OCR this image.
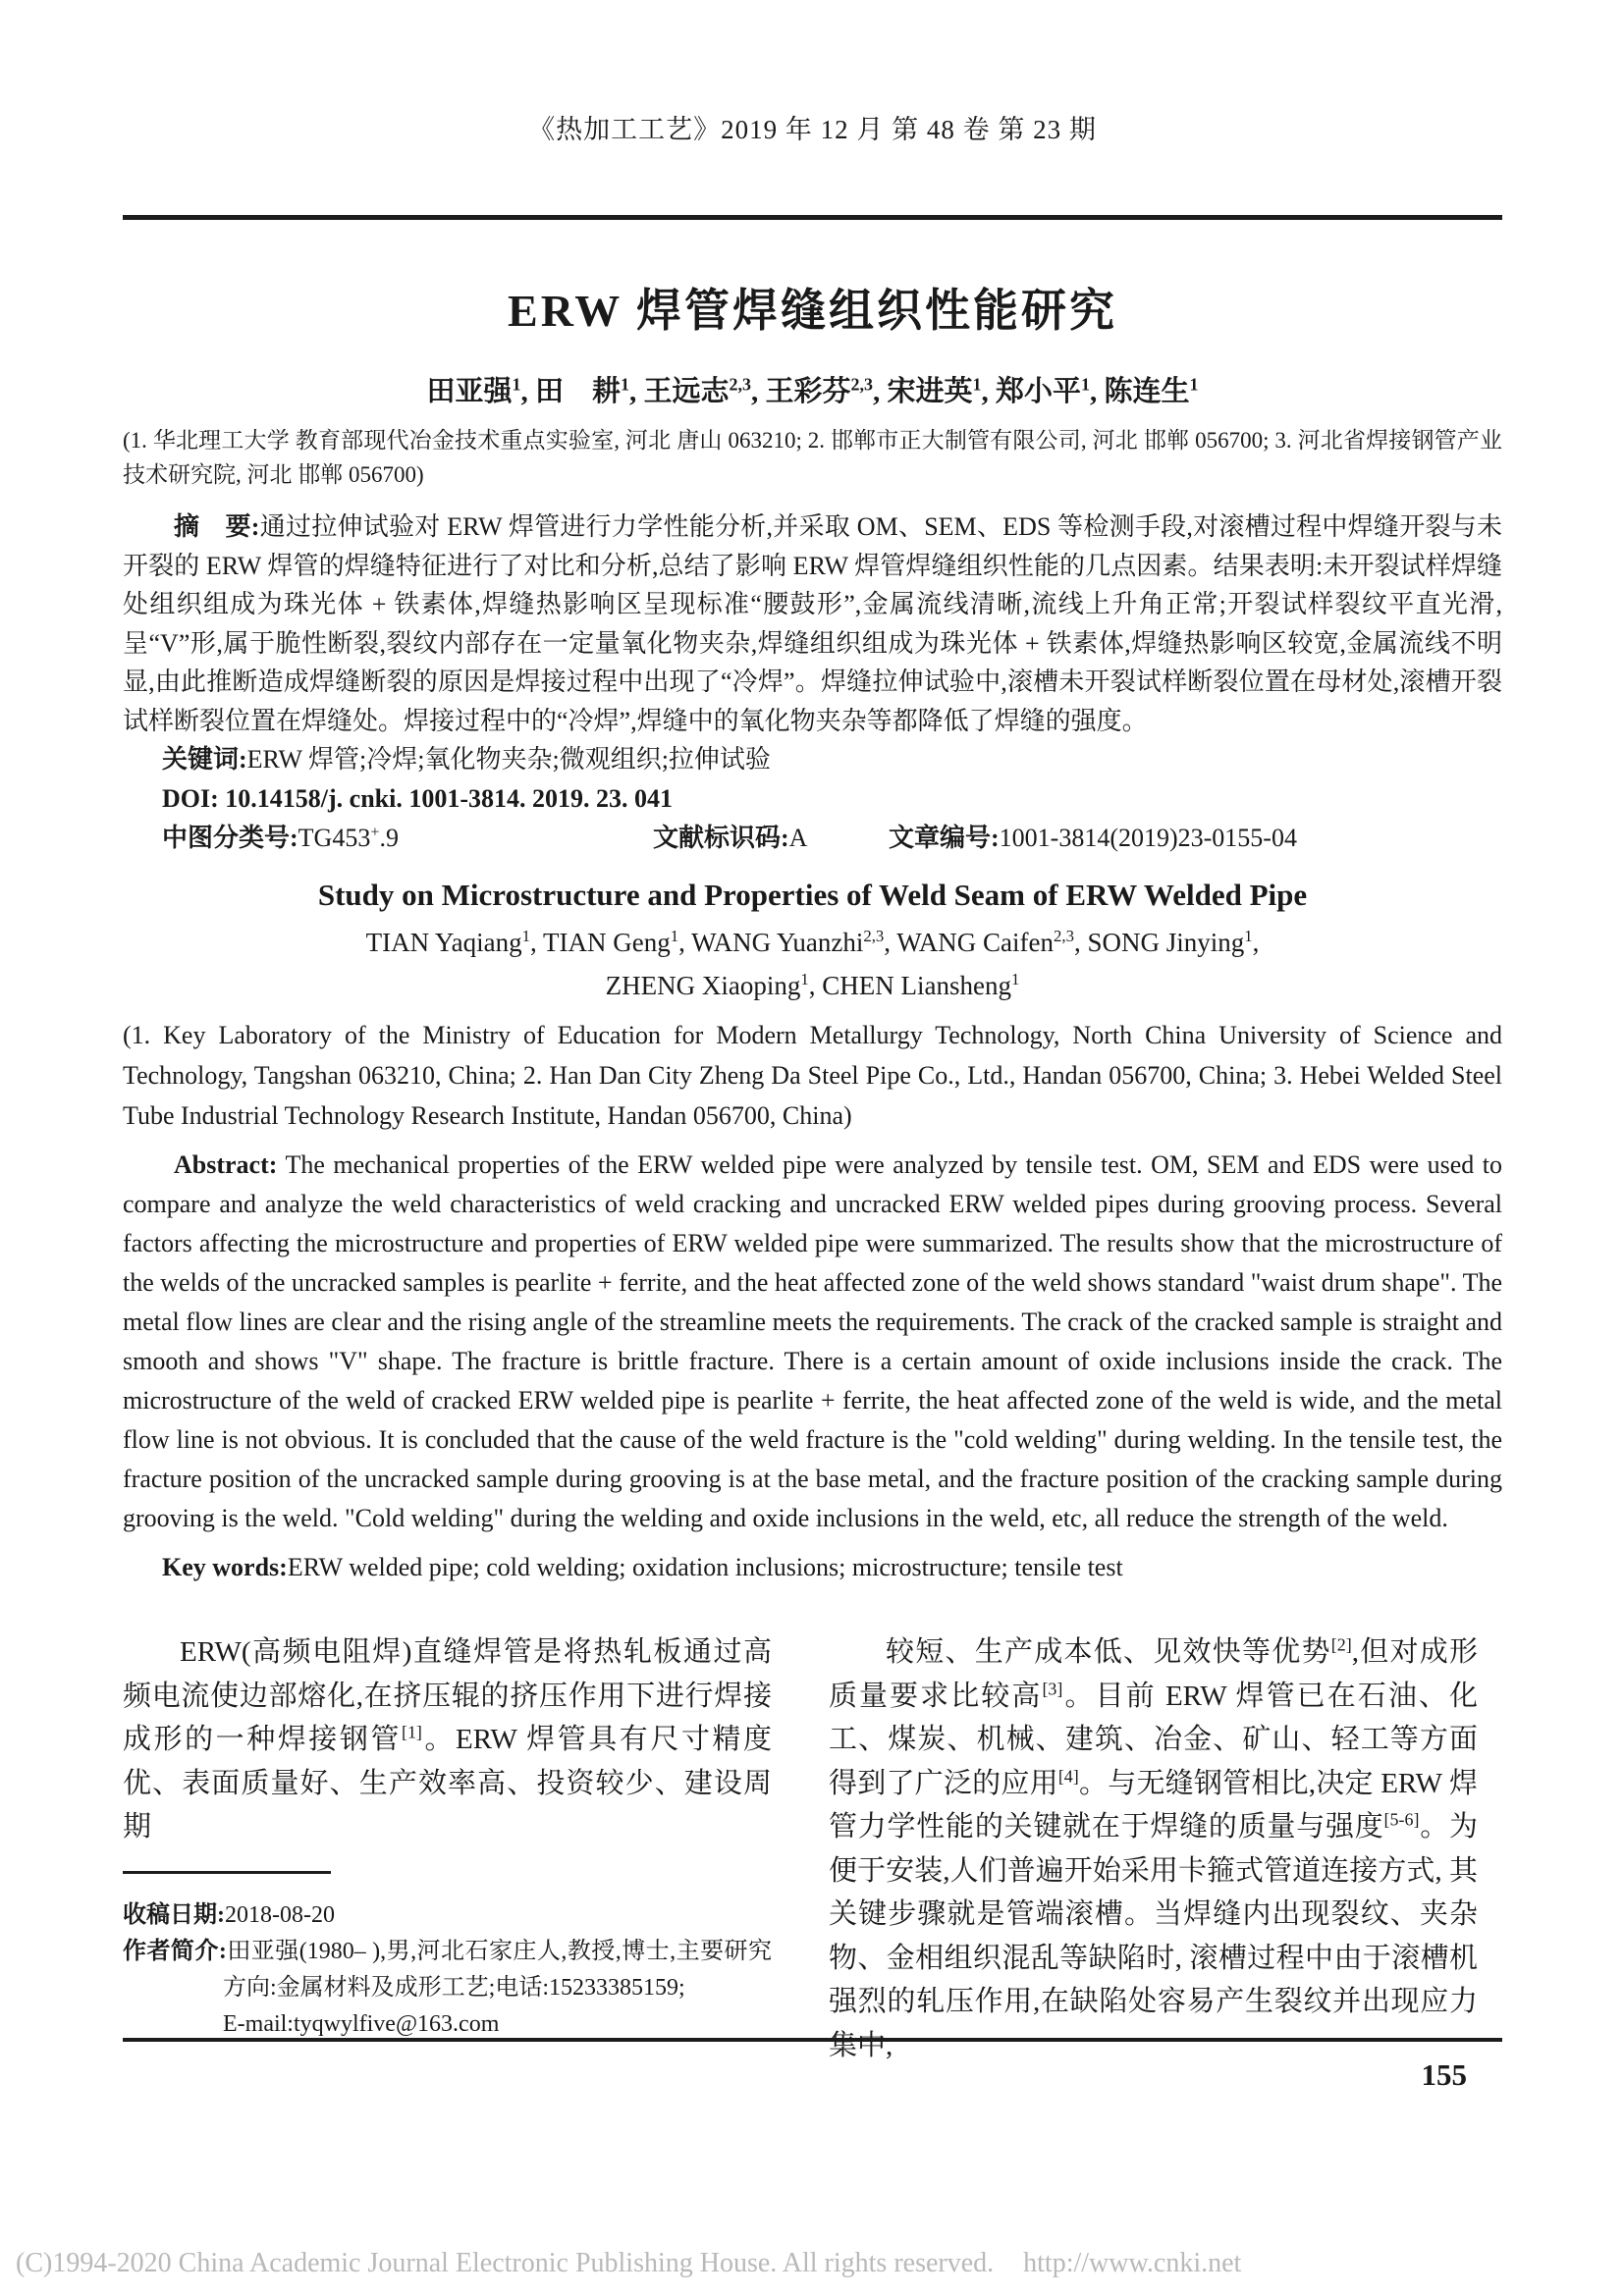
《热加工工艺》2019 年 12 月 第 48 卷 第 23 期
ERW 焊管焊缝组织性能研究
田亚强$^1$ , 田　耕$^1$ , 王远志$^{2,3}$ , 王彩芬$^{2,3}$ , 宋进英$^1$ , 郑小平$^1$ , 陈连生$^1$
(1. 华北理工大学 教育部现代冶金技术重点实验室, 河北 唐山 063210; 2. 邯郸市正大制管有限公司, 河北 邯郸 056700; 3. 河北省焊接钢管产业技术研究院, 河北 邯郸 056700)

摘　要:通过拉伸试验对 ERW 焊管进行力学性能分析,并采取 OM、SEM、EDS 等检测手段,对滚槽过程中焊缝开裂与未开裂的 ERW 焊管的焊缝特征进行了对比和分析,总结了影响 ERW 焊管焊缝组织性能的几点因素。结果表明:未开裂试样焊缝处组织组成为珠光体 + 铁素体,焊缝热影响区呈现标准“腰鼓形”,金属流线清晰,流线上升角正常;开裂试样裂纹平直光滑,呈“V”形,属于脆性断裂,裂纹内部存在一定量氧化物夹杂,焊缝组织组成为珠光体 + 铁素体,焊缝热影响区较宽,金属流线不明显,由此推断造成焊缝断裂的原因是焊接过程中出现了“冷焊”。焊缝拉伸试验中,滚槽未开裂试样断裂位置在母材处,滚槽开裂试样断裂位置在焊缝处。焊接过程中的“冷焊”,焊缝中的氧化物夹杂等都降低了焊缝的强度。

关键词:ERW 焊管;冷焊;氧化物夹杂;微观组织;拉伸试验

DOI: 10.14158/j. cnki. 1001-3814. 2019. 23. 041

中图分类号:TG453+.9	文献标识码:A	文章编号:1001-3814(2019)23-0155-04
Study on Microstructure and Properties of Weld Seam of ERW Welded Pipe
TIAN Yaqiang$^1$ , TIAN Geng$^1$ , WANG Yuanzhi$^{2,3}$ , WANG Caifen$^{2,3}$ , SONG Jinying$^1$ ,
ZHENG Xiaoping$^1$ , CHEN Liansheng$^1$

(1. Key Laboratory of the Ministry of Education for Modern Metallurgy Technology, North China University of Science and Technology, Tangshan 063210, China; 2. Han Dan City Zheng Da Steel Pipe Co., Ltd., Handan 056700, China; 3. Hebei Welded Steel Tube Industrial Technology Research Institute, Handan 056700, China)

Abstract: The mechanical properties of the ERW welded pipe were analyzed by tensile test. OM, SEM and EDS were used to compare and analyze the weld characteristics of weld cracking and uncracked ERW welded pipes during grooving process. Several factors affecting the microstructure and properties of ERW welded pipe were summarized. The results show that the microstructure of the welds of the uncracked samples is pearlite + ferrite, and the heat affected zone of the weld shows standard "waist drum shape". The metal flow lines are clear and the rising angle of the streamline meets the requirements. The crack of the cracked sample is straight and smooth and shows "V" shape. The fracture is brittle fracture. There is a certain amount of oxide inclusions inside the crack. The microstructure of the weld of cracked ERW welded pipe is pearlite + ferrite, the heat affected zone of the weld is wide, and the metal flow line is not obvious. It is concluded that the cause of the weld fracture is the "cold welding" during welding. In the tensile test, the fracture position of the uncracked sample during grooving is at the base metal, and the fracture position of the cracking sample during grooving is the weld. "Cold welding" during the welding and oxide inclusions in the weld, etc, all reduce the strength of the weld.

Key words:ERW welded pipe; cold welding; oxidation inclusions; microstructure; tensile test

ERW(高频电阻焊)直缝焊管是将热轧板通过高频电流使边部熔化,在挤压辊的挤压作用下进行焊接成形的一种焊接钢管[1]。ERW 焊管具有尺寸精度优、表面质量好、生产效率高、投资较少、建设周期

收稿日期:2018-08-20

作者简介:田亚强(1980– ),男,河北石家庄人,教授,博士,主要研究方向:金属材料及成形工艺;电话:15233385159;

E-mail:tyqwylfive@163.com

较短、生产成本低、见效快等优势[2],但对成形质量要求比较高[3]。目前 ERW 焊管已在石油、化工、煤炭、机械、建筑、冶金、矿山、轻工等方面得到了广泛的应用[4]。与无缝钢管相比,决定 ERW 焊管力学性能的关键就在于焊缝的质量与强度[5-6]。为便于安装,人们普遍开始采用卡箍式管道连接方式, 其关键步骤就是管端滚槽。当焊缝内出现裂纹、夹杂物、金相组织混乱等缺陷时, 滚槽过程中由于滚槽机强烈的轧压作用,在缺陷处容易产生裂纹并出现应力集中,

155
(C)1994-2020 China Academic Journal Electronic Publishing House. All rights reserved. http://www.cnki.net
